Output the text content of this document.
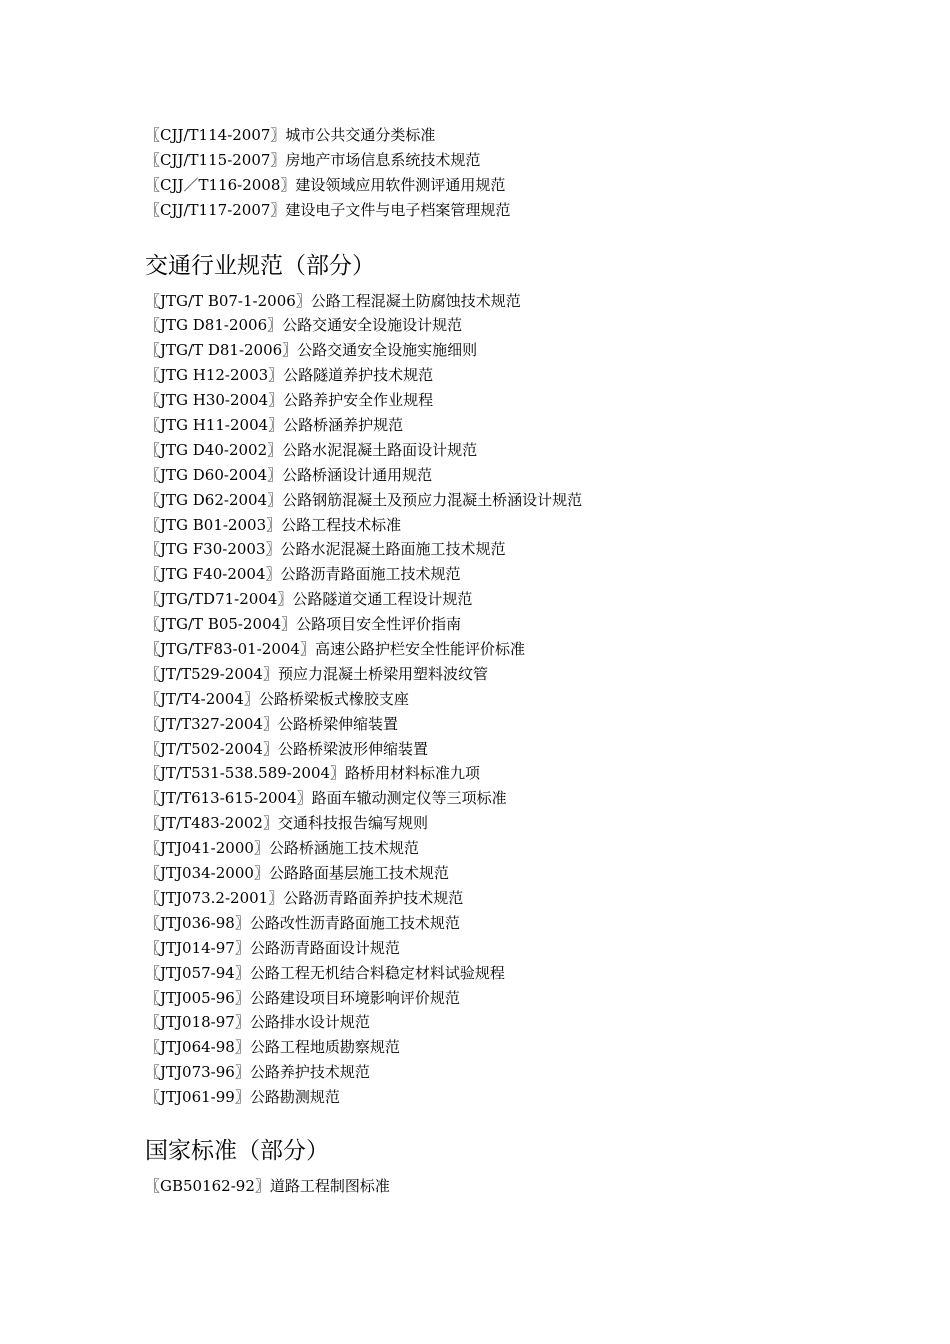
〖CJJ/T114-2007〗城市公共交通分类标准
〖CJJ/T115-2007〗房地产市场信息系统技术规范
〖CJJ／T116-2008〗建设领域应用软件测评通用规范
〖CJJ/T117-2007〗建设电子文件与电子档案管理规范
交通行业规范（部分）
〖JTG/T B07-1-2006〗公路工程混凝土防腐蚀技术规范
〖JTG D81-2006〗公路交通安全设施设计规范
〖JTG/T D81-2006〗公路交通安全设施实施细则
〖JTG H12-2003〗公路隧道养护技术规范
〖JTG H30-2004〗公路养护安全作业规程
〖JTG H11-2004〗公路桥涵养护规范
〖JTG D40-2002〗公路水泥混凝土路面设计规范
〖JTG D60-2004〗公路桥涵设计通用规范
〖JTG D62-2004〗公路钢筋混凝土及预应力混凝土桥涵设计规范
〖JTG B01-2003〗公路工程技术标准
〖JTG F30-2003〗公路水泥混凝土路面施工技术规范
〖JTG F40-2004〗公路沥青路面施工技术规范
〖JTG/TD71-2004〗公路隧道交通工程设计规范
〖JTG/T B05-2004〗公路项目安全性评价指南
〖JTG/TF83-01-2004〗高速公路护栏安全性能评价标准
〖JT/T529-2004〗预应力混凝土桥梁用塑料波纹管
〖JT/T4-2004〗公路桥梁板式橡胶支座
〖JT/T327-2004〗公路桥梁伸缩装置
〖JT/T502-2004〗公路桥梁波形伸缩装置
〖JT/T531-538.589-2004〗路桥用材料标准九项
〖JT/T613-615-2004〗路面车辙动测定仪等三项标准
〖JT/T483-2002〗交通科技报告编写规则
〖JTJ041-2000〗公路桥涵施工技术规范
〖JTJ034-2000〗公路路面基层施工技术规范
〖JTJ073.2-2001〗公路沥青路面养护技术规范
〖JTJ036-98〗公路改性沥青路面施工技术规范
〖JTJ014-97〗公路沥青路面设计规范
〖JTJ057-94〗公路工程无机结合料稳定材料试验规程
〖JTJ005-96〗公路建设项目环境影响评价规范
〖JTJ018-97〗公路排水设计规范
〖JTJ064-98〗公路工程地质勘察规范
〖JTJ073-96〗公路养护技术规范
〖JTJ061-99〗公路勘测规范
国家标准（部分）
〖GB50162-92〗道路工程制图标准
